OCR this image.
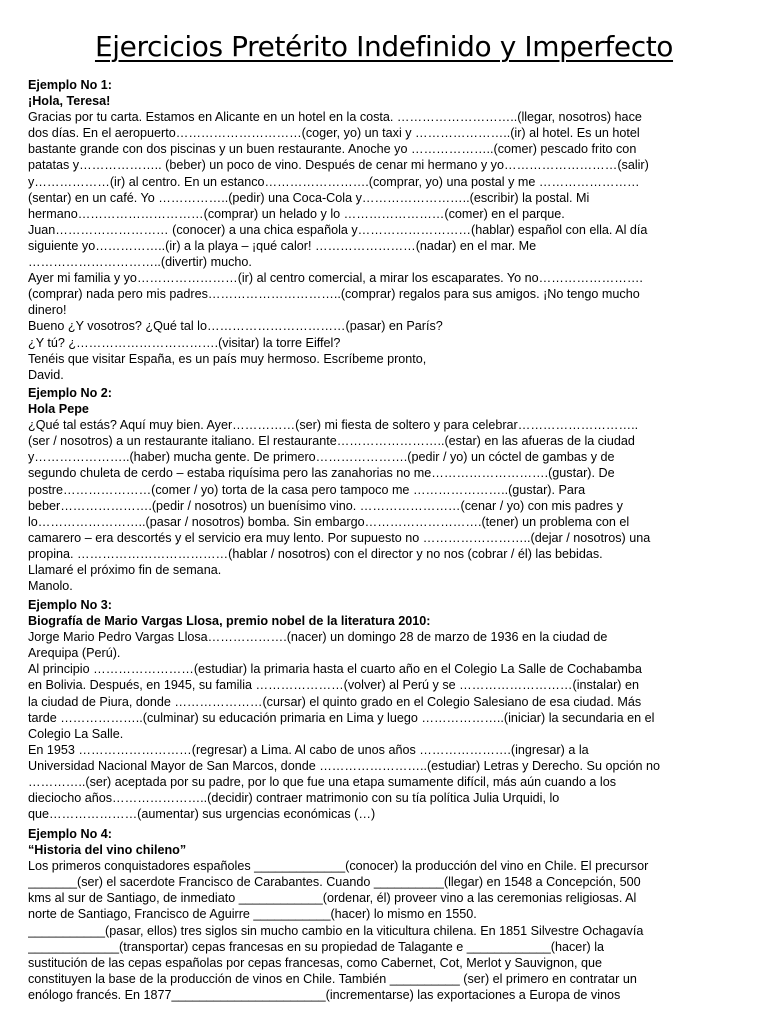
Ejercicios Pretérito Indefinido y Imperfecto
Ejemplo No 1:
¡Hola, Teresa!
Gracias por tu carta. Estamos en Alicante en un hotel en la costa. ………………………..(llegar, nosotros) hace
dos días. En el aeropuerto…………………………(coger, yo) un taxi y …………………..(ir) al hotel. Es un hotel
bastante grande con dos piscinas y un buen restaurante. Anoche yo ………………..(comer) pescado frito con
patatas y……………….. (beber) un poco de vino. Después de cenar mi hermano y yo………………………(salir)
y………………(ir) al centro. En un estanco…………………….(comprar, yo) una postal y me ……………………
(sentar) en un café. Yo ……………..(pedir) una Coca-Cola y……………………..(escribir) la postal. Mi
hermano…………………………(comprar) un helado y lo ……………………(comer) en el parque.
Juan……………………… (conocer) a una chica española y………………………(hablar) español con ella. Al día
siguiente yo……………..(ir) a la playa – ¡qué calor! ……………………(nadar) en el mar. Me
…………………………..(divertir) mucho.
Ayer mi familia y yo……………………(ir) al centro comercial, a mirar los escaparates. Yo no…………………….
(comprar) nada pero mis padres…………………………..(comprar) regalos para sus amigos. ¡No tengo mucho
dinero!
Bueno ¿Y vosotros? ¿Qué tal lo……………………………(pasar) en París?
¿Y tú? ¿…………………………….(visitar) la torre Eiffel?
Tenéis que visitar España, es un país muy hermoso. Escríbeme pronto,
David.
Ejemplo No 2:
Hola Pepe
¿Qué tal estás? Aquí muy bien. Ayer……………(ser) mi fiesta de soltero y para celebrar………………………..
(ser / nosotros) a un restaurante italiano. El restaurante……………………..(estar) en las afueras de la ciudad
y…………………..(haber) mucha gente. De primero………………….(pedir / yo) un cóctel de gambas y de
segundo chuleta de cerdo – estaba riquísima pero las zanahorias no me……………………….(gustar). De
postre…………………(comer / yo) torta de la casa pero tampoco me …………………..(gustar). Para
beber………………….(pedir / nosotros) un buenísimo vino. ……………………(cenar / yo) con mis padres y
lo……………………..(pasar / nosotros) bomba. Sin embargo……………………….(tener) un problema con el
camarero – era descortés y el servicio era muy lento. Por supuesto no ……………………..(dejar / nosotros) una
propina. ………………………………(hablar / nosotros) con el director y no nos (cobrar / él) las bebidas.
Llamaré el próximo fin de semana.
Manolo.
Ejemplo No 3:
Biografía de Mario Vargas Llosa, premio nobel de la literatura 2010:
Jorge Mario Pedro Vargas Llosa……………….(nacer) un domingo 28 de marzo de 1936 en la ciudad de
Arequipa (Perú).
Al principio ……………………(estudiar) la primaria hasta el cuarto año en el Colegio La Salle de Cochabamba
en Bolivia. Después, en 1945, su familia …………………(volver) al Perú y se ………………………(instalar) en
la ciudad de Piura, donde …………………(cursar) el quinto grado en el Colegio Salesiano de esa ciudad. Más
tarde ………………..(culminar) su educación primaria en Lima y luego ………………..(iniciar) la secundaria en el
Colegio La Salle.
En 1953 ………………………(regresar) a Lima. Al cabo de unos años ………………….(ingresar) a la
Universidad Nacional Mayor de San Marcos, donde ……………………..(estudiar) Letras y Derecho. Su opción no
…………..(ser) aceptada por su padre, por lo que fue una etapa sumamente difícil, más aún cuando a los
dieciocho años…………………..(decidir) contraer matrimonio con su tía política Julia Urquidi, lo
que…………………(aumentar) sus urgencias económicas (…)
Ejemplo No 4:
“Historia del vino chileno”
Los primeros conquistadores españoles _____________(conocer) la producción del vino en Chile. El precursor
_______(ser) el sacerdote Francisco de Carabantes. Cuando __________(llegar) en 1548 a Concepción, 500
kms al sur de Santiago, de inmediato ____________(ordenar, él) proveer vino a las ceremonias religiosas. Al
norte de Santiago, Francisco de Aguirre ___________(hacer) lo mismo en 1550.
___________(pasar, ellos) tres siglos sin mucho cambio en la viticultura chilena. En 1851 Silvestre Ochagavía
_____________(transportar) cepas francesas en su propiedad de Talagante e ____________(hacer) la
sustitución de las cepas españolas por cepas francesas, como Cabernet, Cot, Merlot y Sauvignon, que
constituyen la base de la producción de vinos en Chile. También __________ (ser) el primero en contratar un
enólogo francés. En 1877______________________(incrementarse) las exportaciones a Europa de vinos
